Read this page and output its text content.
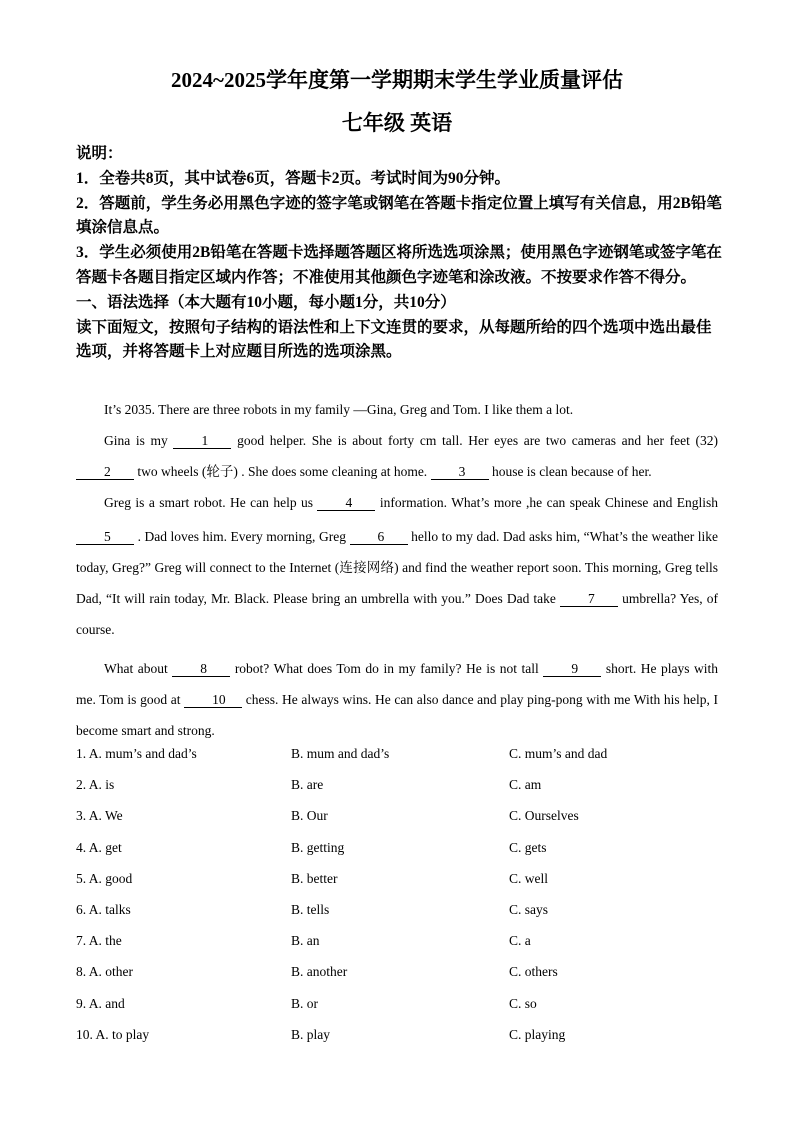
2024~2025学年度第一学期期末学生学业质量评估
七年级 英语

说明：

1．全卷共8页，其中试卷6页，答题卡2页。考试时间为90分钟。

2．答题前，学生务必用黑色字迹的签字笔或钢笔在答题卡指定位置上填写有关信息，用2B铅笔填涂信息点。

3．学生必须使用2B铅笔在答题卡选择题答题区将所选选项涂黑；使用黑色字迹钢笔或签字笔在答题卡各题目指定区域内作答；不准使用其他颜色字迹笔和涂改液。不按要求作答不得分。

一、语法选择（本大题有10小题，每小题1分，共10分）

读下面短文，按照句子结构的语法性和上下文连贯的要求，从每题所给的四个选项中选出最佳选项，并将答题卡上对应题目所选的选项涂黑。

It’s 2035. There are three robots in my family —Gina, Greg and Tom. I like them a lot.

Gina is my 1 good helper. She is about forty cm tall. Her eyes are two cameras and her feet (32) 2 two wheels (轮子) . She does some cleaning at home. 3 house is clean because of her.

Greg is a smart robot. He can help us 4 information. What’s more ,he can speak Chinese and English 5 . Dad loves him. Every morning, Greg 6 hello to my dad. Dad asks him, “What’s the weather like today, Greg?” Greg will connect to the Internet (连接网络) and find the weather report soon. This morning, Greg tells Dad, “It will rain today, Mr. Black. Please bring an umbrella with you.” Does Dad take 7 umbrella? Yes, of course.

What about 8 robot? What does Tom do in my family? He is not tall 9 short. He plays with me. Tom is good at 10 chess. He always wins. He can also dance and play ping-pong with me With his help, I become smart and strong.

1. A. mum’s and dad’s	B. mum and dad’s	C. mum’s and dad
2. A. is	B. are	C. am
3. A. We	B. Our	C. Ourselves
4. A. get	B. getting	C. gets
5. A. good	B. better	C. well
6. A. talks	B. tells	C. says
7. A. the	B. an	C. a
8. A. other	B. another	C. others
9. A. and	B. or	C. so
10. A. to play	B. play	C. playing
